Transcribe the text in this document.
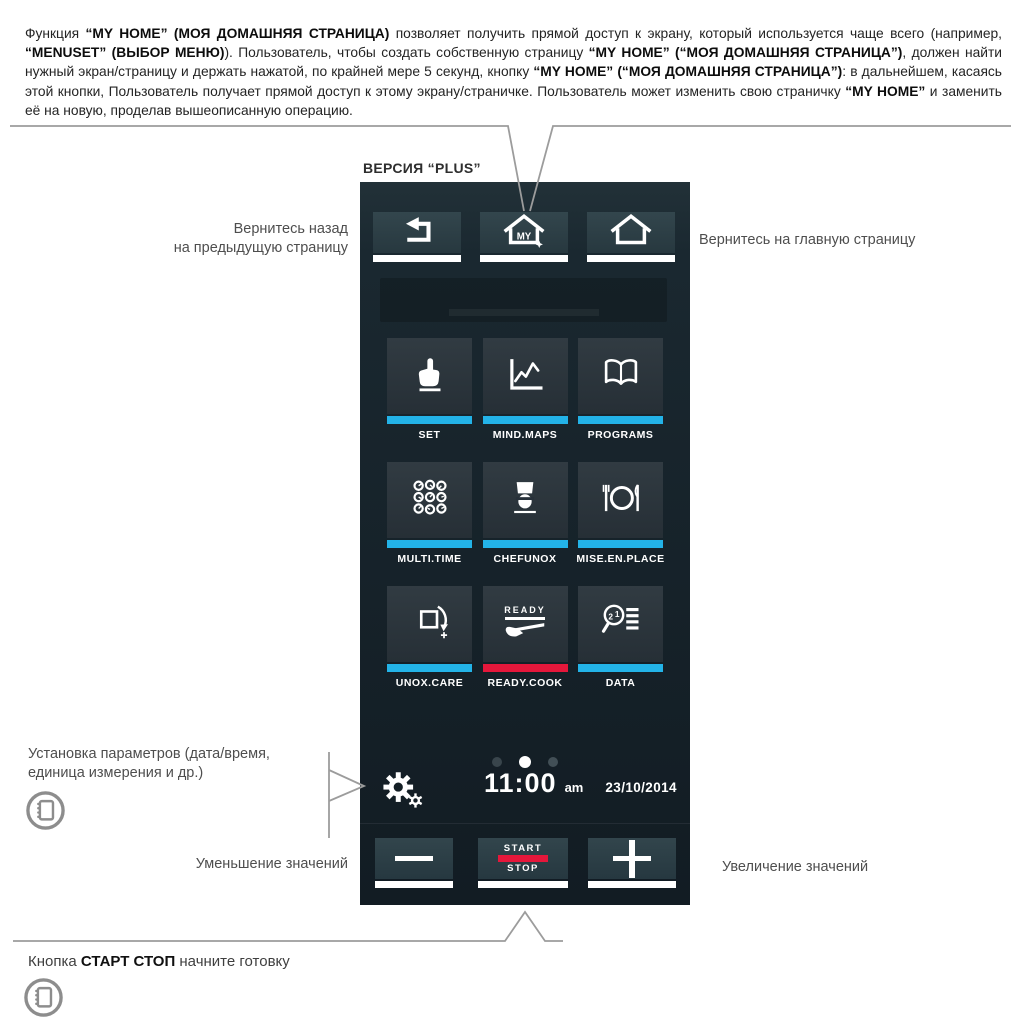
Функция “MY HOME” (МОЯ ДОМАШНЯЯ СТРАНИЦА) позволяет получить прямой доступ к экрану, который используется чаще всего (например, “MENUSET” (ВЫБОР МЕНЮ)). Пользователь, чтобы создать собственную страницу “MY HOME” (“МОЯ ДОМАШНЯЯ СТРАНИЦА”), должен найти нужный экран/страницу и держать нажатой, по крайней мере 5 секунд, кнопку “MY HOME” (“МОЯ ДОМАШНЯЯ СТРАНИЦА”): в дальнейшем, касаясь этой кнопки, Пользователь получает прямой доступ к этому экрану/страничке. Пользователь может изменить свою страничку “MY HOME” и заменить её на новую, проделав вышеописанную операцию.

ВЕРСИЯ “PLUS”
MY
SET	MIND.MAPS	PROGRAMS
MULTI.TIME	CHEFUNOX	MISE.EN.PLACE
UNOX.CARE
READY
READY.COOK
2 1
DATA
11:00 am 23/10/2014
START
STOP
Вернитесь назад
на предыдущую страницу
Вернитесь на главную страницу
Установка параметров (дата/время,
единица измерения и др.)
Уменьшение значений	Увеличение значений
Кнопка СТАРТ СТОП начните готовку
